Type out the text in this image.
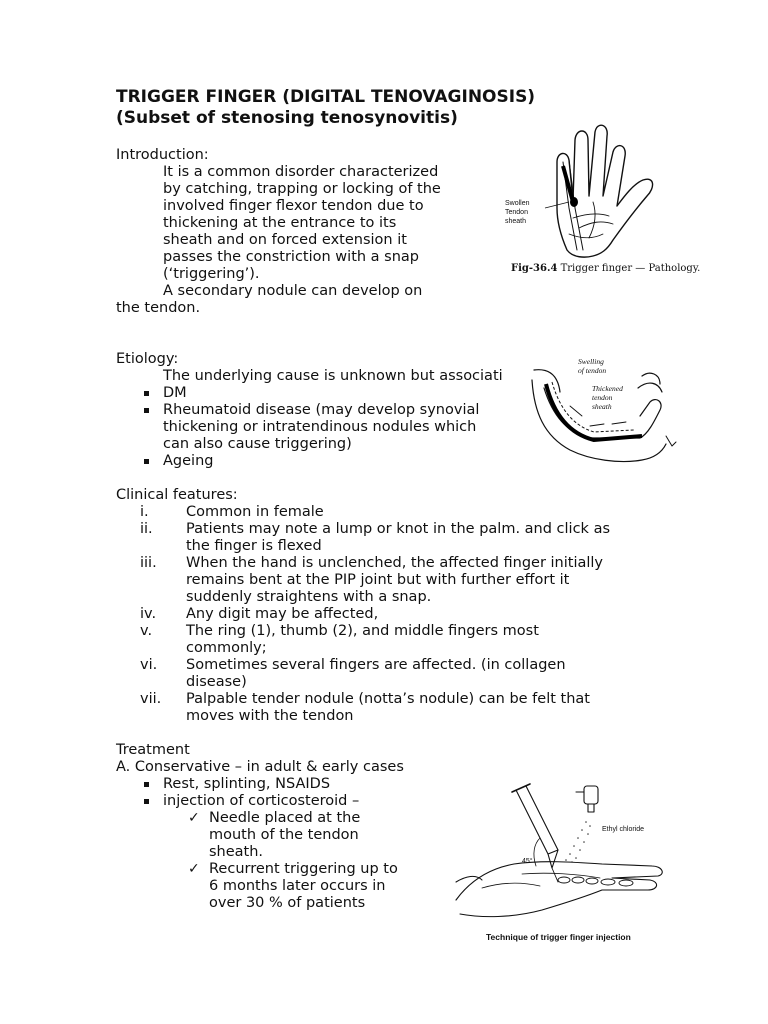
TRIGGER FINGER (DIGITAL TENOVAGINOSIS)
(Subset of stenosing tenosynovitis)
Introduction:
It is a common disorder characterized
by catching, trapping or locking of the
involved finger flexor tendon due to
thickening at the entrance to its
sheath and on forced extension it
passes the constriction with a snap
(‘triggering’).
A secondary nodule can develop on
the tendon.
Swollen
Tendon
sheath
Fig-36.4 Trigger finger — Pathology.
Etiology:
The underlying cause is unknown but associati
DM
Rheumatoid disease (may develop synovial
thickening or intratendinous nodules which
can also cause triggering)
Ageing
Swelling
of tendon
Thickened
tendon
sheath
Clinical features:
i.	Common in female
ii. Patients may note a lump or knot in the palm. and click as
the finger is flexed
iii. When the hand is unclenched, the affected finger initially
remains bent at the PIP joint but with further effort it
suddenly straightens with a snap.
iv. Any digit may be affected,
v. The ring (1), thumb (2), and middle fingers most
commonly;
vi. Sometimes several fingers are affected. (in collagen
disease)
vii. Palpable tender nodule (notta’s nodule) can be felt that
moves with the tendon
Treatment
A. Conservative – in adult & early cases
Rest, splinting, NSAIDS
injection of corticosteroid –
✓ Needle placed at the
mouth of the tendon
sheath.
✓ Recurrent triggering up to
6 months later occurs in
over 30 % of patients
Ethyl chloride
45°
Technique of trigger finger injection
